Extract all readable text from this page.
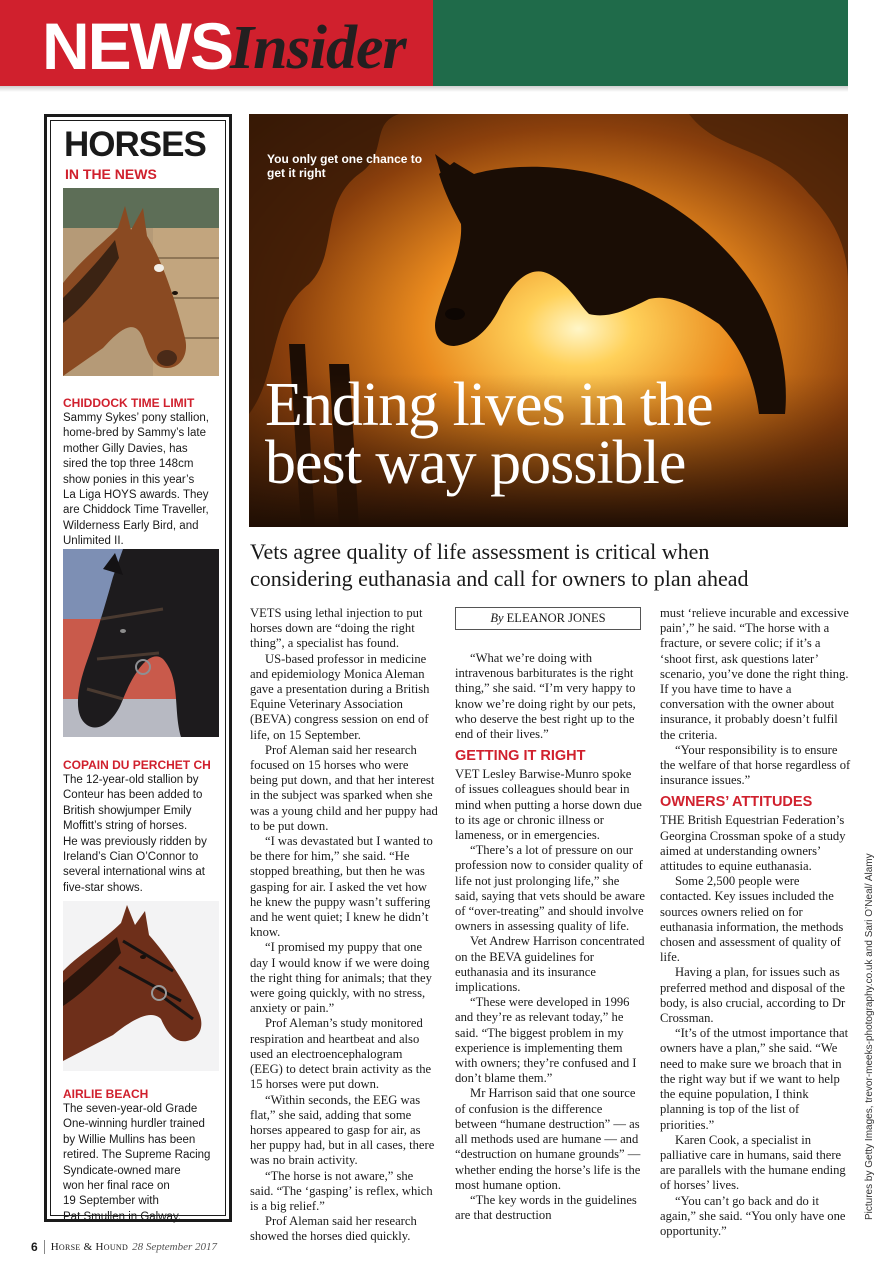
NEWS
Insider
HORSES
IN THE NEWS
CHIDDOCK TIME LIMIT
Sammy Sykes’ pony stallion,
home-bred by Sammy’s late
mother Gilly Davies, has
sired the top three 148cm
show ponies in this year’s
La Liga HOYS awards. They
are Chiddock Time Traveller,
Wilderness Early Bird, and
Unlimited II.
COPAIN DU PERCHET CH
The 12-year-old stallion by
Conteur has been added to
British showjumper Emily
Moffitt’s string of horses.
He was previously ridden by
Ireland’s Cian O’Connor to
several international wins at
five-star shows.
AIRLIE BEACH
The seven-year-old Grade
One-winning hurdler trained
by Willie Mullins has been
retired. The Supreme Racing
Syndicate-owned mare
won her final race on
19 September with
Pat Smullen in Galway.
You only get one chance to get it right
Ending lives in the
best way possible
Vets agree quality of life assessment is critical when
considering euthanasia and call for owners to plan ahead

VETS using lethal injection to put horses down are “doing the right thing”, a specialist has found.

US-based professor in medicine and epidemiology Monica Aleman gave a presentation during a British Equine Veterinary Association (BEVA) congress session on end of life, on 15 September.

Prof Aleman said her research focused on 15 horses who were being put down, and that her interest in the subject was sparked when she was a young child and her puppy had to be put down.

“I was devastated but I wanted to be there for him,” she said. “He stopped breathing, but then he was gasping for air. I asked the vet how he knew the puppy wasn’t suffering and he went quiet; I knew he didn’t know.

“I promised my puppy that one day I would know if we were doing the right thing for animals; that they were going quickly, with no stress, anxiety or pain.”

Prof Aleman’s study monitored respiration and heartbeat and also used an electroencephalogram (EEG) to detect brain activity as the 15 horses were put down.

“Within seconds, the EEG was flat,” she said, adding that some horses appeared to gasp for air, as her puppy had, but in all cases, there was no brain activity.

“The horse is not aware,” she said. “The ‘gasping’ is reflex, which is a big relief.”

Prof Aleman said her research showed the horses died quickly.

By ELEANOR JONES

“What we’re doing with intravenous barbiturates is the right thing,” she said. “I’m very happy to know we’re doing right by our pets, who deserve the best right up to the end of their lives.”

GETTING IT RIGHT

VET Lesley Barwise-Munro spoke of issues colleagues should bear in mind when putting a horse down due to its age or chronic illness or lameness, or in emergencies.

“There’s a lot of pressure on our profession now to consider quality of life not just prolonging life,” she said, saying that vets should be aware of “over-treating” and should involve owners in assessing quality of life.

Vet Andrew Harrison concentrated on the BEVA guidelines for euthanasia and its insurance implications.

“These were developed in 1996 and they’re as relevant today,” he said. “The biggest problem in my experience is implementing them with owners; they’re confused and I don’t blame them.”

Mr Harrison said that one source of confusion is the difference between “humane destruction” — as all methods used are humane — and “destruction on humane grounds” — whether ending the horse’s life is the most humane option.

“The key words in the guidelines are that destruction

must ‘relieve incurable and excessive pain’,” he said. “The horse with a fracture, or severe colic; if it’s a ‘shoot first, ask questions later’ scenario, you’ve done the right thing. If you have time to have a conversation with the owner about insurance, it probably doesn’t fulfil the criteria.

“Your responsibility is to ensure the welfare of that horse regardless of insurance issues.”

OWNERS’ ATTITUDES

THE British Equestrian Federation’s Georgina Crossman spoke of a study aimed at understanding owners’ attitudes to equine euthanasia.

Some 2,500 people were contacted. Key issues included the sources owners relied on for euthanasia information, the methods chosen and assessment of quality of life.

Having a plan, for issues such as preferred method and disposal of the body, is also crucial, according to Dr Crossman.

“It’s of the utmost importance that owners have a plan,” she said. “We need to make sure we broach that in the right way but if we want to help the equine population, I think planning is top of the list of priorities.”

Karen Cook, a specialist in palliative care in humans, said there are parallels with the humane ending of horses’ lives.

“You can’t go back and do it again,” she said. “You only have one opportunity.”

6 Horse & Hound 28 September 2017
Pictures by Getty Images, trevor-meeks-photography.co.uk and Sari O’Neal/ Alamy
